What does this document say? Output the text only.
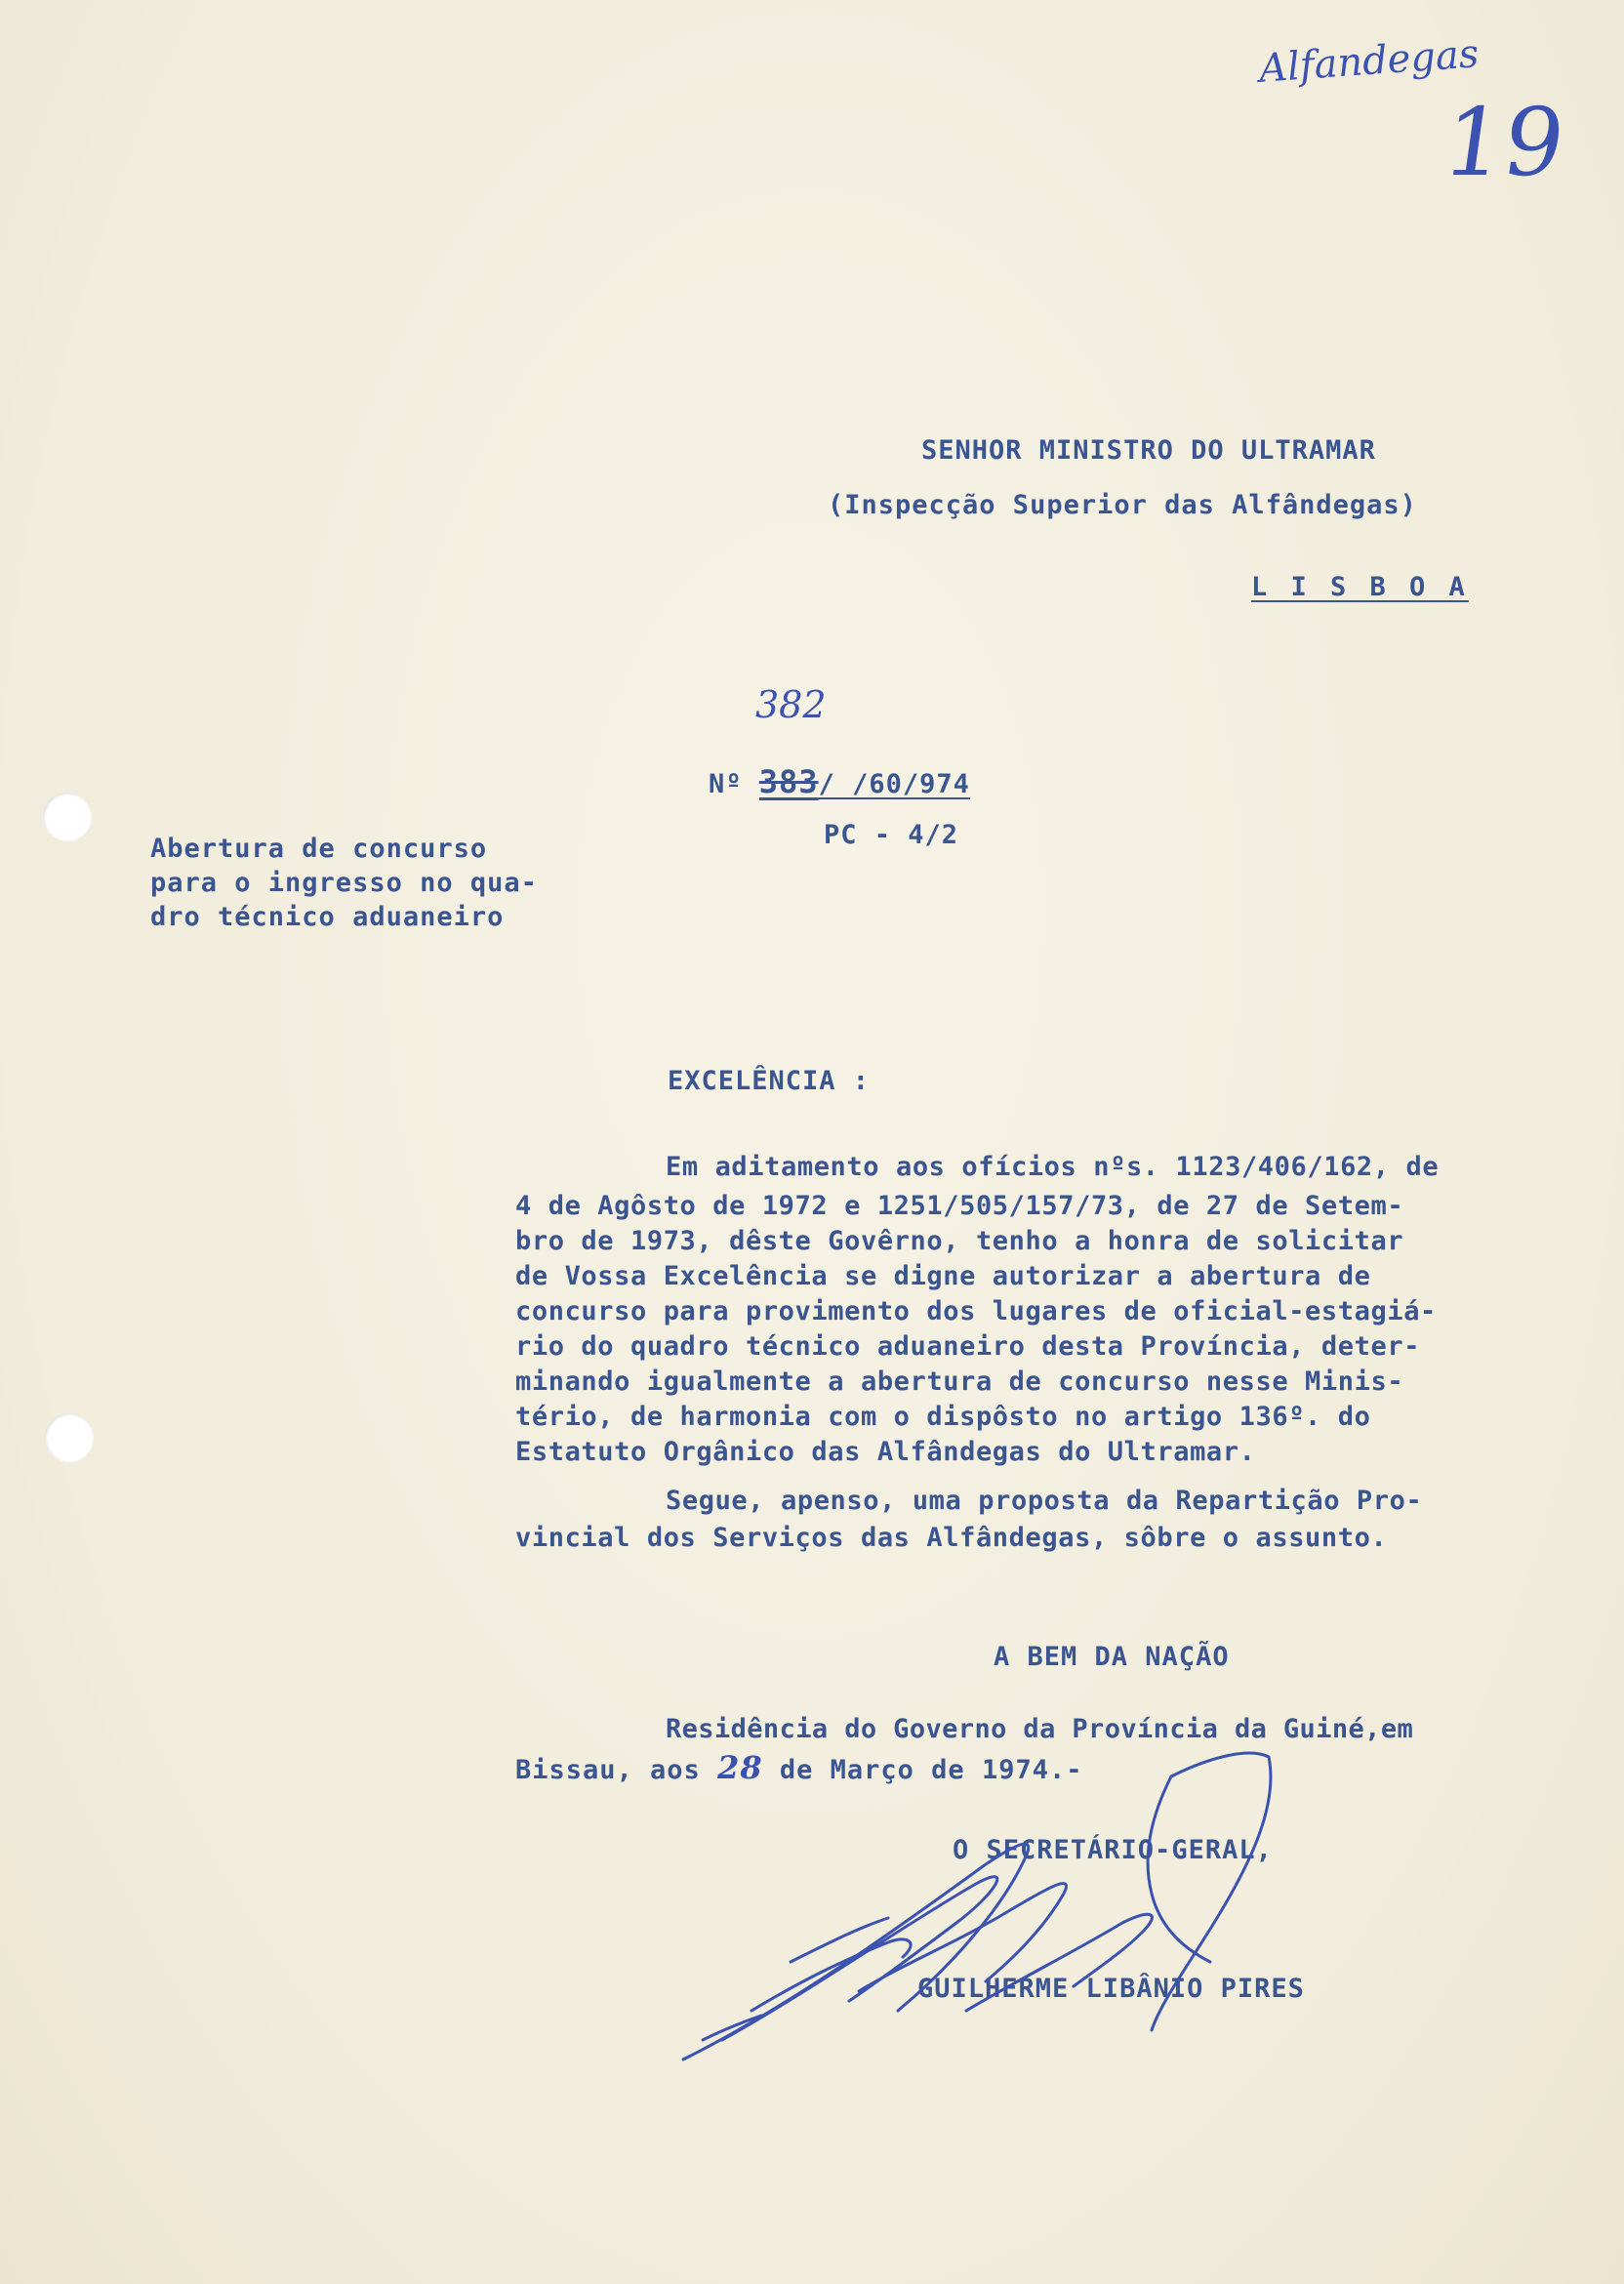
Alfandegas
19
SENHOR MINISTRO DO ULTRAMAR
(Inspecção Superior das Alfândegas)
L I S B O A
382
Nº 383/ /60/974
PC - 4/2
Abertura de concurso
para o ingresso no qua-
dro técnico aduaneiro
EXCELÊNCIA :
Em aditamento aos ofícios nºs. 1123/406/162, de
4 de Agôsto de 1972 e 1251/505/157/73, de 27 de Setem-
bro de 1973, dêste Govêrno, tenho a honra de solicitar
de Vossa Excelência se digne autorizar a abertura de
concurso para provimento dos lugares de oficial-estagiá-
rio do quadro técnico aduaneiro desta Província, deter-
minando igualmente a abertura de concurso nesse Minis-
tério, de harmonia com o dispôsto no artigo 136º. do
Estatuto Orgânico das Alfândegas do Ultramar.
Segue, apenso, uma proposta da Repartição Pro-
vincial dos Serviços das Alfândegas, sôbre o assunto.
A BEM DA NAÇÃO
Residência do Governo da Província da Guiné,em
Bissau, aos 28 de Março de 1974.-
O SECRETÁRIO-GERAL,
GUILHERME LIBÂNIO PIRES
